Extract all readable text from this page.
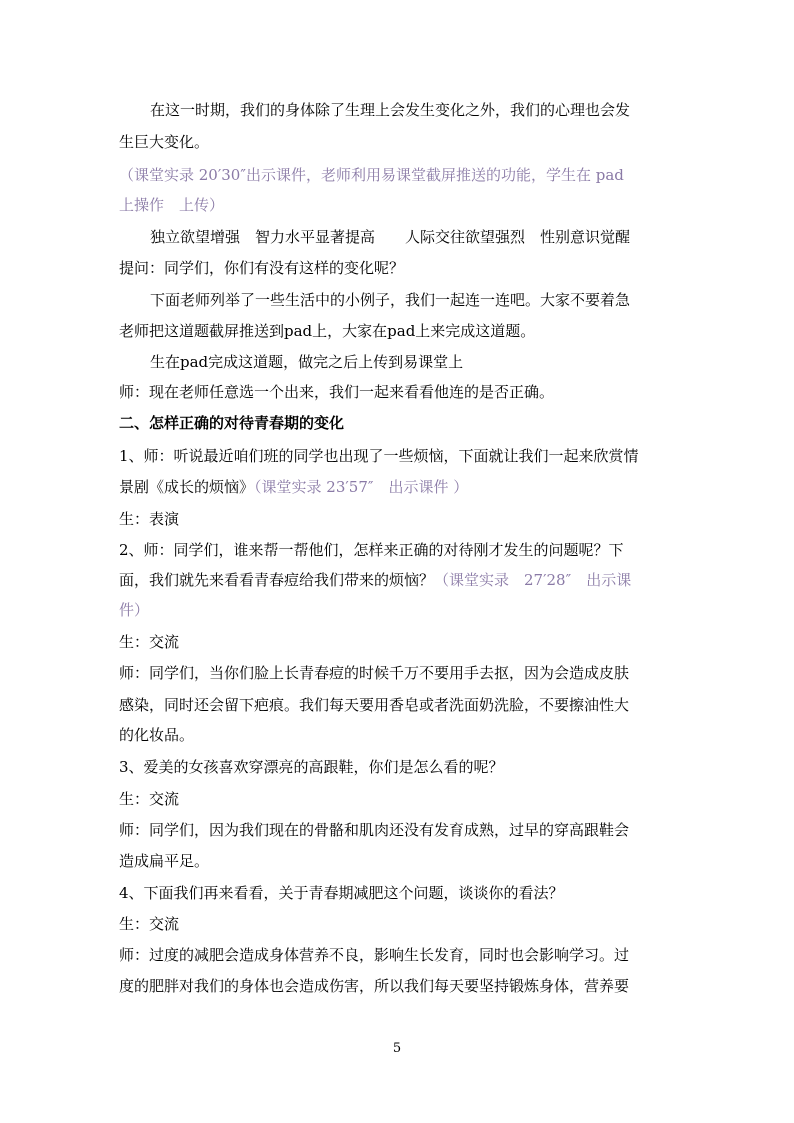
在这一时期，我们的身体除了生理上会发生变化之外，我们的心理也会发
生巨大变化。
（课堂实录 20′30″出示课件，老师利用易课堂截屏推送的功能，学生在 pad
上操作　上传）
独立欲望增强　智力水平显著提高　　人际交往欲望强烈　性别意识觉醒
提问：同学们，你们有没有这样的变化呢？
下面老师列举了一些生活中的小例子，我们一起连一连吧。大家不要着急
老师把这道题截屏推送到pad上，大家在pad上来完成这道题。
生在pad完成这道题，做完之后上传到易课堂上
师：现在老师任意选一个出来，我们一起来看看他连的是否正确。
二、怎样正确的对待青春期的变化
1、师：听说最近咱们班的同学也出现了一些烦恼，下面就让我们一起来欣赏情
景剧《成长的烦恼》（课堂实录 23′57″　出示课件 ）
生：表演
2、师：同学们，谁来帮一帮他们，怎样来正确的对待刚才发生的问题呢？下
面，我们就先来看看青春痘给我们带来的烦恼？（课堂实录　27′28″　出示课
件）
生：交流
师：同学们，当你们脸上长青春痘的时候千万不要用手去抠，因为会造成皮肤
感染，同时还会留下疤痕。我们每天要用香皂或者洗面奶洗脸，不要擦油性大
的化妆品。
3、爱美的女孩喜欢穿漂亮的高跟鞋，你们是怎么看的呢？
生：交流
师：同学们，因为我们现在的骨骼和肌肉还没有发育成熟，过早的穿高跟鞋会
造成扁平足。
4、下面我们再来看看，关于青春期减肥这个问题，谈谈你的看法？
生：交流
师：过度的减肥会造成身体营养不良，影响生长发育，同时也会影响学习。过
度的肥胖对我们的身体也会造成伤害，所以我们每天要坚持锻炼身体，营养要
5
